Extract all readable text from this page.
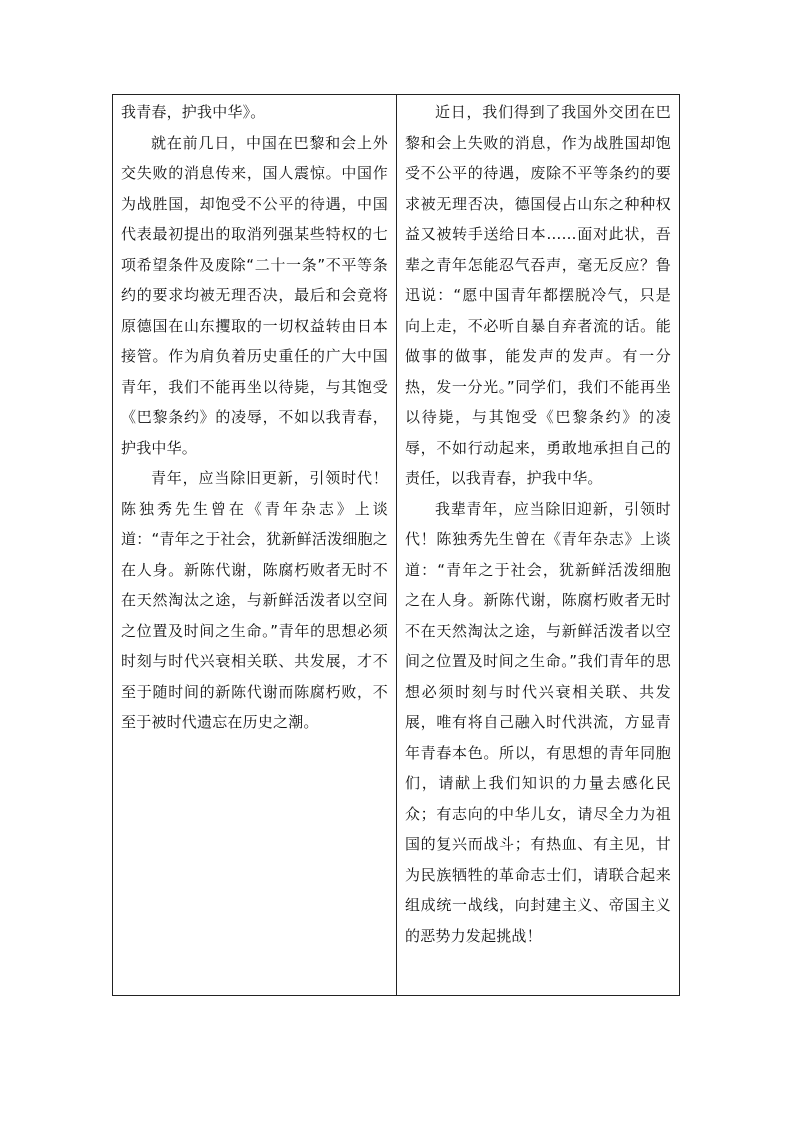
我青春，护我中华》。

就在前几日，中国在巴黎和会上外交失败的消息传来，国人震惊。中国作为战胜国，却饱受不公平的待遇，中国代表最初提出的取消列强某些特权的七项希望条件及废除“二十一条”不平等条约的要求均被无理否决，最后和会竟将原德国在山东攫取的一切权益转由日本接管。作为肩负着历史重任的广大中国青年，我们不能再坐以待毙，与其饱受《巴黎条约》的凌辱，不如以我青春，护我中华。

青年，应当除旧更新，引领时代！陈独秀先生曾在《青年杂志》上谈道：“青年之于社会，犹新鲜活泼细胞之在人身。新陈代谢，陈腐朽败者无时不在天然淘汰之途，与新鲜活泼者以空间之位置及时间之生命。”青年的思想必须时刻与时代兴衰相关联、共发展，才不至于随时间的新陈代谢而陈腐朽败，不至于被时代遗忘在历史之潮。

近日，我们得到了我国外交团在巴黎和会上失败的消息，作为战胜国却饱受不公平的待遇，废除不平等条约的要求被无理否决，德国侵占山东之种种权益又被转手送给日本……面对此状，吾辈之青年怎能忍气吞声，毫无反应？鲁迅说：“愿中国青年都摆脱冷气，只是向上走，不必听自暴自弃者流的话。能做事的做事，能发声的发声。有一分热，发一分光。”同学们，我们不能再坐以待毙，与其饱受《巴黎条约》的凌辱，不如行动起来，勇敢地承担自己的责任，以我青春，护我中华。

我辈青年，应当除旧迎新，引领时代！陈独秀先生曾在《青年杂志》上谈道：“青年之于社会，犹新鲜活泼细胞之在人身。新陈代谢，陈腐朽败者无时不在天然淘汰之途，与新鲜活泼者以空间之位置及时间之生命。”我们青年的思想必须时刻与时代兴衰相关联、共发展，唯有将自己融入时代洪流，方显青年青春本色。所以，有思想的青年同胞们，请献上我们知识的力量去感化民众；有志向的中华儿女，请尽全力为祖国的复兴而战斗；有热血、有主见，甘为民族牺牲的革命志士们，请联合起来组成统一战线，向封建主义、帝国主义的恶势力发起挑战！
